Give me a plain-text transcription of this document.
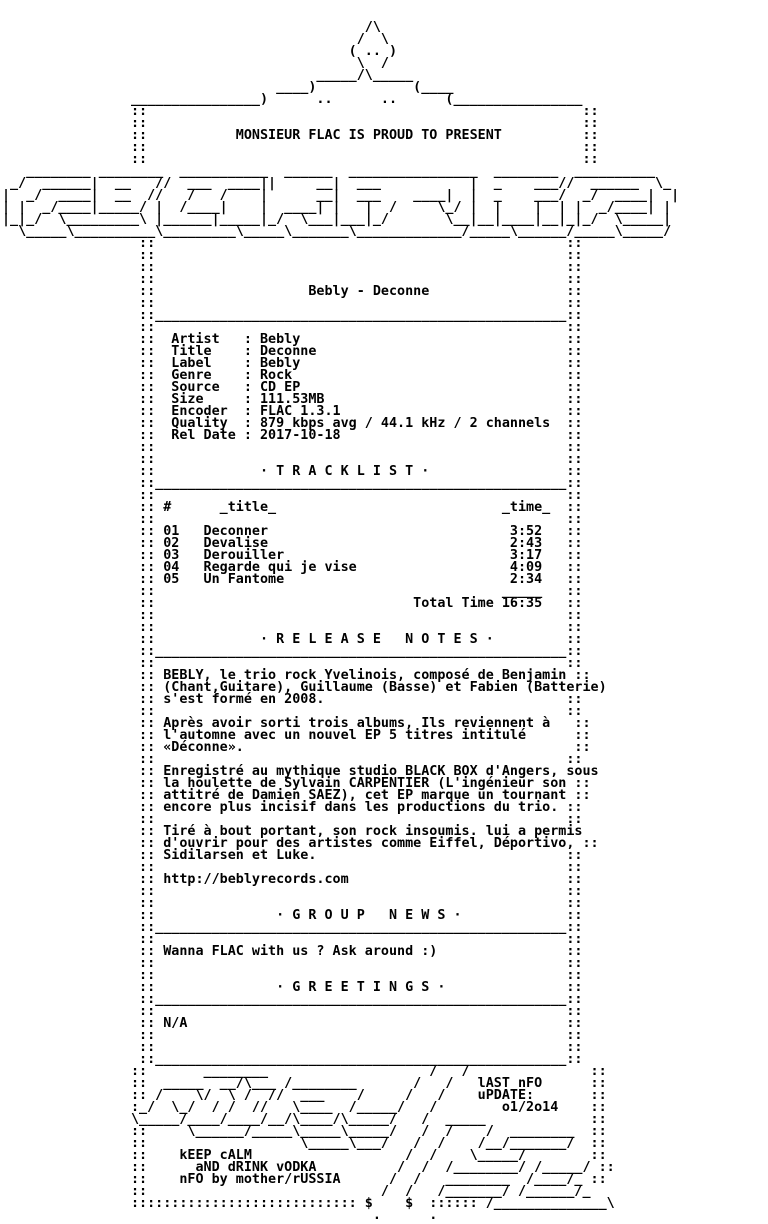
/\
/  \
( .. )
\  /
_____/\_____
____)            (____
________________)      ..      ..      (________________
::                                                      ::
::                                                      ::
::           MONSIEUR FLAC IS PROUD TO PRESENT          ::
::                                                      ::
::                                                      ::
________ ________  ___________  ______  ________________  ________  __________
_/  ______|  __   //  ___  ____||     __|  ___           |  _    ___//  ______  \_
|  _/  ____|  __  //   /   /    |      __|  ___    ____|  |  _    ___/  _/  ____|  |
| |  _/____|_____/ |  /____|    |  ____| |   |  /     \_/ |  |    |  | |  _/____| |
|_|_/  \_________\ |______|_____|_/  \___|___|_/       \__|__|____|__|_|_/  \_____|
\_____\__________\_________\_____\_______\_____________/_____\______/_____\_____/
::                                                   ::
::                                                   ::
::                                                   ::
::                                                   ::
::                   Bebly - Deconne                 ::
::                                                   ::
::___________________________________________________::
::                                                   ::
::  Artist   : Bebly                                 ::
::  Title    : Deconne                               ::
::  Label    : Bebly                                 ::
::  Genre    : Rock                                  ::
::  Source   : CD EP                                 ::
::  Size     : 111.53MB                              ::
::  Encoder  : FLAC 1.3.1                            ::
::  Quality  : 879 kbps avg / 44.1 kHz / 2 channels  ::
::  Rel Date : 2017-10-18                            ::
::                                                   ::
::                                                   ::
::             · T R A C K L I S T ·                 ::
::___________________________________________________::
::                                                   ::
:: #      _title_                            _time_  ::
::                                                   ::
:: 01   Deconner                              3:52   ::
:: 02   Devalise                              2:43   ::
:: 03   Derouiller                            3:17   ::
:: 04   Regarde qui je vise                   4:09   ::
:: 05   Un Fantome                            2:34   ::
::                                           _____   ::
::                                Total Time 16:35   ::
::                                                   ::
::                                                   ::
::             · R E L E A S E   N O T E S ·         ::
::___________________________________________________::
::                                                   ::
:: BEBLY, le trio rock Yvelinois, composé de Benjamin ::
:: (Chant,Guitare), Guillaume (Basse) et Fabien (Batterie)
:: s'est formé en 2008.                              ::
::                                                   ::
:: Après avoir sorti trois albums, Ils reviennent à   ::
:: l'automne avec un nouvel EP 5 titres intitulé      ::
:: «Déconne».                                         ::
::                                                   ::
:: Enregistré au mythique studio BLACK BOX d'Angers, sous
:: la houlette de Sylvain CARPENTIER (L'ingénieur son ::
:: attitré de Damien SAEZ), cet EP marque un tournant ::
:: encore plus incisif dans les productions du trio. ::
::                                                   ::
:: Tiré à bout portant, son rock insoumis. lui a permis
:: d'ouvrir pour des artistes comme Eiffel, Déportivo, ::
:: Sidilarsen et Luke.                               ::
::                                                   ::
:: http://beblyrecords.com                           ::
::                                                   ::
::                                                   ::
::               · G R O U P   N E W S ·             ::
::___________________________________________________::
::                                                   ::
:: Wanna FLAC with us ? Ask around :)                ::
::                                                   ::
::                                                   ::
::               · G R E E T I N G S ·               ::
::___________________________________________________::
::                                                   ::
:: N/A                                               ::
::                                                   ::
::                                                   ::
::___________________________________________________::
::       ________                    /   /               ::
::  _____  __/\___ /________       /   /   lAST nFO      ::
:: /    \/  \ /  //  ___    /     /   /    uPDATE:       ::
:_/  \_/  / /  //   \____  /_____/   /        o1/2o14    ::
\_____/____/____/__/\____/\_____/   /  _____             ::
::     \______/_____\_____\_____/   /  /    /  ________  ::
::                   \_____\___/   /  /    /__/_______/  ::
::    kEEP cALM                   /  /    \_____/        ::
::      aND dRINK vODKA          /  /  /________/ /_____/ ::
::    nFO by mother/rUSSIA      /  /   ________  /____/_ ::
::                             /  /   /_______/ /______/_
:::::::::::::::::::::::::::: $    $  :::::: /______________\
.      .
